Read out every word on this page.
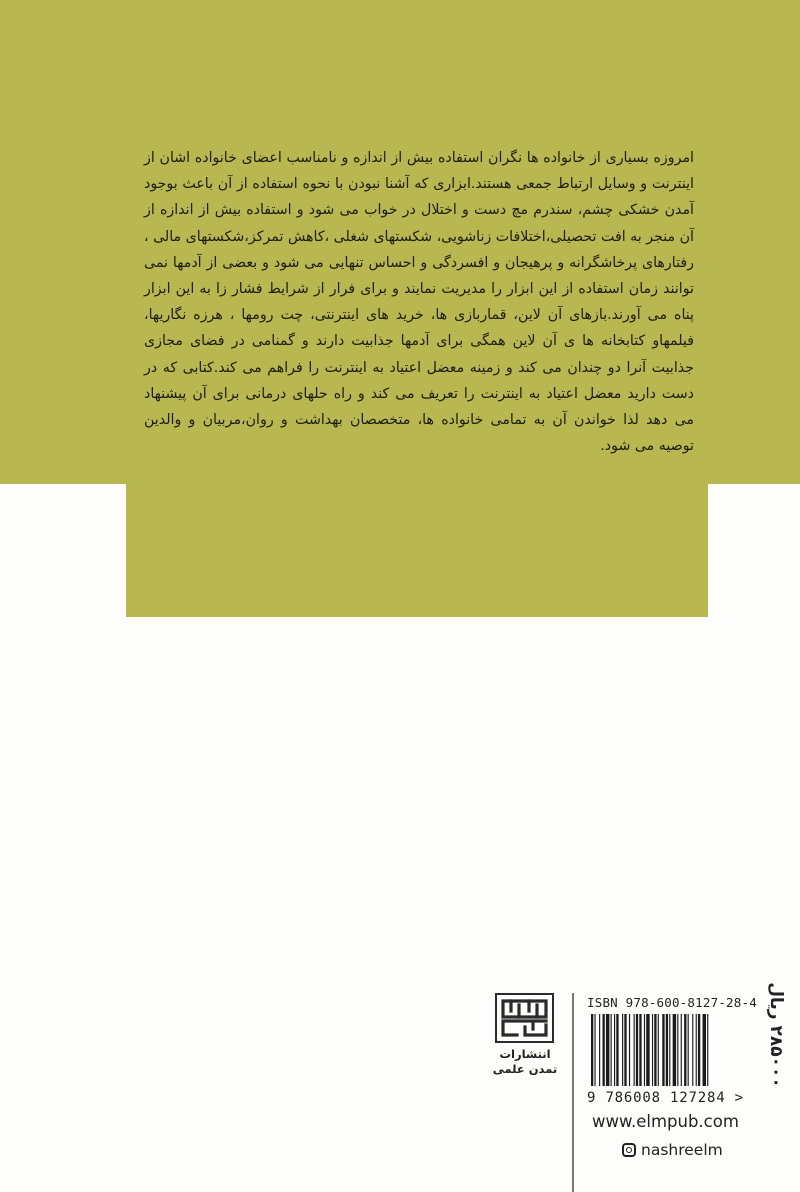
امروزه بسیاری از خانواده ها نگران استفاده بیش از اندازه و نامناسب اعضای خانواده اشان از اینترنت و وسایل ارتباط جمعی هستند.ابزاری که آشنا نبودن با نحوه استفاده از آن باعث بوجود آمدن خشکی چشم، سندرم مچ دست و اختلال در خواب می شود و استفاده بیش از اندازه از آن منجر به افت تحصیلی،اختلافات زناشویی، شکستهای شغلی ،کاهش تمرکز،شکستهای مالی ، رفتارهای پرخاشگرانه و پرهیجان و افسردگی و احساس تنهایی می شود و بعضی از آدمها نمی توانند زمان استفاده از این ابزار را مدیریت نمایند و برای فرار از شرایط فشار زا به این ابزار پناه می آورند.بازهای آن لاین، قماربازی ها، خرید های اینترنتی، چت رومها ، هرزه نگاریها، فیلمهاو کتابخانه ها ی آن لاین همگی برای آدمها جذابیت دارند و گمنامی در فضای مجازی جذابیت آنرا دو چندان می کند و زمینه معضل اعتیاد به اینترنت را فراهم می کند.کتابی که در دست دارید معضل اعتیاد به اینترنت را تعریف می کند و راه حلهای درمانی برای آن پیشنهاد می دهد لذا خواندن آن به تمامی خانواده ها، متخصصان بهداشت و روان،مربیان و والدین توصیه می شود.

انتشارات
تمدن علمی
ISBN 978-600-8127-28-4
9 786008 127284 >
۲۸۵۰۰۰ ریال
www.elmpub.com
nashreelm
